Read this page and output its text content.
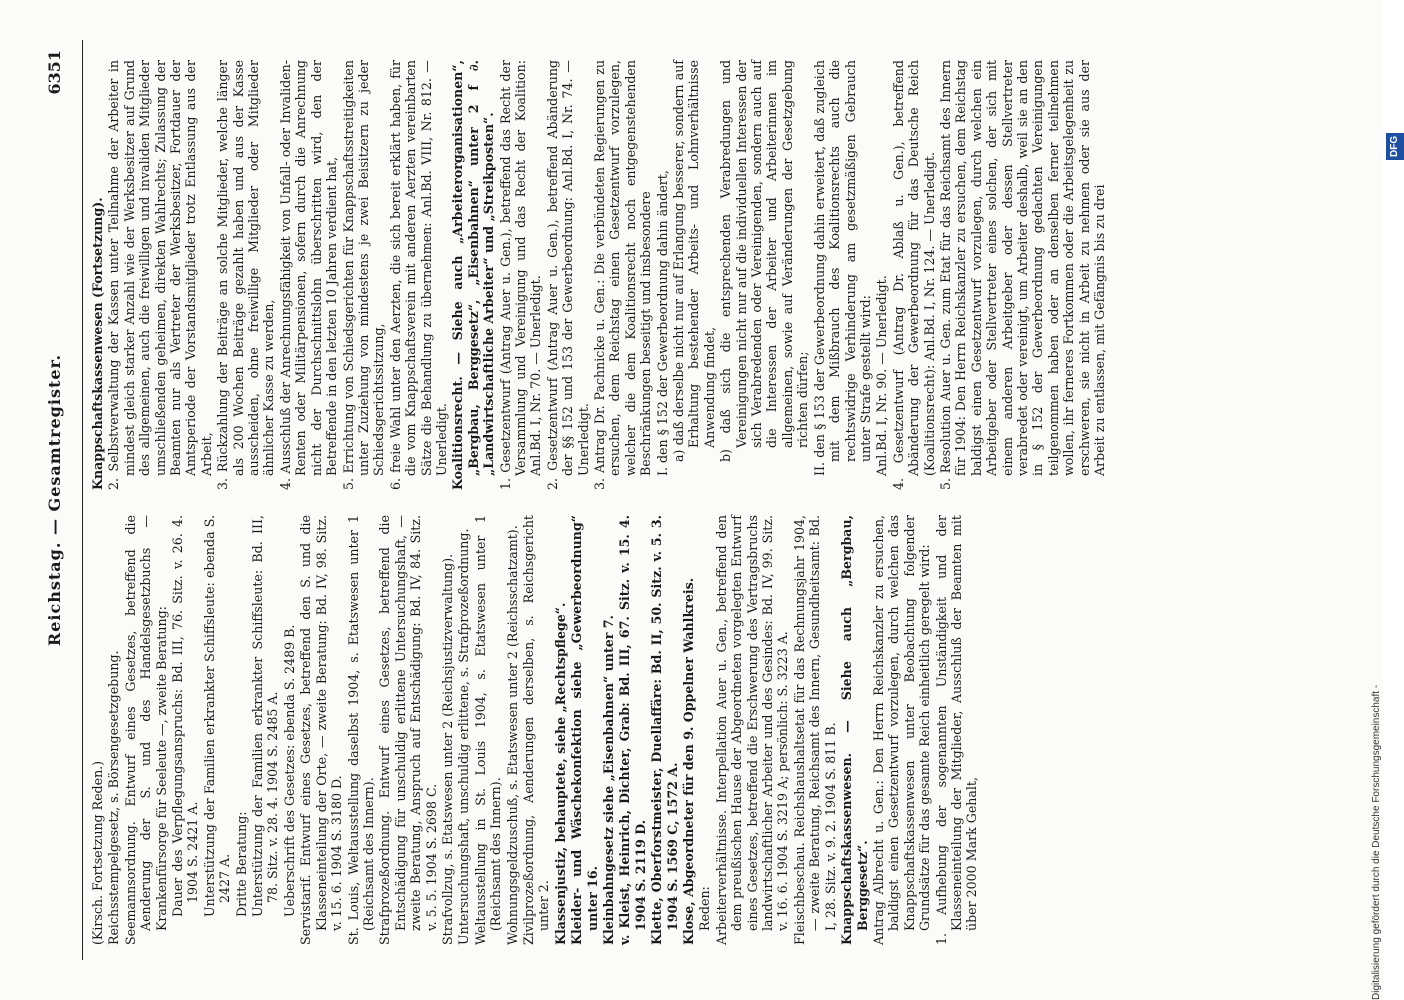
Reichstag. — Gesamtregister.
6351

(Kirsch. Fortsetzung Reden.) Reichsstempelgesetz, s. Börsengesetzgebung. Seemannsordnung. Entwurf eines Gesetzes, betreffend die Aenderung der S. und des Handelsgesetzbuchs — Krankenfürsorge für Seeleute —, zweite Beratung: Dauer des Verpflegungsanspruchs: Bd. III, 76. Sitz. v. 26. 4. 1904 S. 2421 A. Unterstützung der Familien erkrankter Schiffsleute: ebenda S. 2427 A. Dritte Beratung: Unterstützung der Familien erkrankter Schiffsleute: Bd. III, 78. Sitz. v. 28. 4. 1904 S. 2485 A. Ueberschrift des Gesetzes: ebenda S. 2489 B. Servistarif. Entwurf eines Gesetzes, betreffend den S. und die Klasseneinteilung der Orte, — zweite Beratung: Bd. IV, 98. Sitz. v. 15. 6. 1904 S. 3180 D. St. Louis, Weltausstellung daselbst 1904, s. Etatswesen unter 1 (Reichsamt des Innern). Strafprozeßordnung. Entwurf eines Gesetzes, betreffend die Entschädigung für unschuldig erlittene Untersuchungshaft, — zweite Beratung, Anspruch auf Entschädigung: Bd. IV, 84. Sitz. v. 5. 5. 1904 S. 2698 C. Strafvollzug, s. Etatswesen unter 2 (Reichsjustizverwaltung). Untersuchungshaft, unschuldig erlittene, s. Strafprozeßordnung. Weltausstellung in St. Louis 1904, s. Etatswesen unter 1 (Reichsamt des Innern). Wohnungsgeldzuschuß, s. Etatswesen unter 2 (Reichsschatzamt). Zivilprozeßordnung, Aenderungen derselben, s. Reichsgericht unter 2. Klassenjustiz, behauptete, siehe „Rechtspflege“. Kleider- und Wäschekonfektion siehe „Gewerbeordnung“ unter 16. Kleinbahngesetz siehe „Eisenbahnen“ unter 7. v. Kleist, Heinrich, Dichter, Grab: Bd. III, 67. Sitz. v. 15. 4. 1904 S. 2119 D. Klette, Oberforstmeister, Duellaffäre: Bd. II, 50. Sitz. v. 5. 3. 1904 S. 1569 C, 1572 A. Klose, Abgeordneter für den 9. Oppelner Wahlkreis. Reden: Arbeiterverhältnisse. Interpellation Auer u. Gen., betreffend den dem preußischen Hause der Abgeordneten vorgelegten Entwurf eines Gesetzes, betreffend die Erschwerung des Vertragsbruchs landwirtschaftlicher Arbeiter und des Gesindes: Bd. IV, 99. Sitz. v. 16. 6. 1904 S. 3219 A; persönlich: S. 3223 A. Fleischbeschau. Reichshaushaltsetat für das Rechnungsjahr 1904, — zweite Beratung, Reichsamt des Innern, Gesundheitsamt: Bd. I, 28. Sitz. v. 9. 2. 1904 S. 811 B. Knappschaftskassenwesen. — Siehe auch „Bergbau, Berggesetz“. Antrag Albrecht u. Gen.: Den Herrn Reichskanzler zu ersuchen, baldigst einen Gesetzentwurf vorzulegen, durch welchen das Knappschaftskassenwesen unter Beobachtung folgender Grundsätze für das gesamte Reich einheitlich geregelt wird: 1. Aufhebung der sogenannten Unständigkeit und der Klasseneinteilung der Mitglieder, Ausschluß der Beamten mit über 2000 Mark Gehalt,

Knappschaftskassenwesen (Fortsetzung). 2. Selbstverwaltung der Kassen unter Teilnahme der Arbeiter in mindest gleich starker Anzahl wie der Werksbesitzer auf Grund des allgemeinen, auch die freiwilligen und invaliden Mitglieder umschließenden geheimen, direkten Wahlrechts; Zulassung der Beamten nur als Vertreter der Werksbesitzer, Fortdauer der Amtsperiode der Vorstandsmitglieder trotz Entlassung aus der Arbeit, 3. Rückzahlung der Beiträge an solche Mitglieder, welche länger als 200 Wochen Beiträge gezahlt haben und aus der Kasse ausscheiden, ohne freiwillige Mitglieder oder Mitglieder ähnlicher Kasse zu werden, 4. Ausschluß der Anrechnungsfähigkeit von Unfall- oder Invaliden-Renten oder Militärpensionen, sofern durch die Anrechnung nicht der Durchschnittslohn überschritten wird, den der Betreffende in den letzten 10 Jahren verdient hat, 5. Errichtung von Schiedsgerichten für Knappschaftsstreitigkeiten unter Zuziehung von mindestens je zwei Beisitzern zu jeder Schiedsgerichtssitzung, 6. freie Wahl unter den Aerzten, die sich bereit erklärt haben, für die vom Knappschaftsverein mit anderen Aerzten vereinbarten Sätze die Behandlung zu übernehmen: Anl.Bd. VIII, Nr. 812. — Unerledigt. Koalitionsrecht. — Siehe auch „Arbeiterorganisationen“, „Bergbau, Berggesetz“, „Eisenbahnen“ unter 2 f ∂. „Landwirtschaftliche Arbeiter“ und „Streikposten“. 1. Gesetzentwurf (Antrag Auer u. Gen.), betreffend das Recht der Versammlung und Vereinigung und das Recht der Koalition: Anl.Bd. I, Nr. 70. — Unerledigt. 2. Gesetzentwurf (Antrag Auer u. Gen.), betreffend Abänderung der §§ 152 und 153 der Gewerbeordnung: Anl.Bd. I, Nr. 74. — Unerledigt. 3. Antrag Dr. Pachnicke u. Gen.: Die verbündeten Regierungen zu ersuchen, dem Reichstag einen Gesetzentwurf vorzulegen, welcher die dem Koalitionsrecht noch entgegenstehenden Beschränkungen beseitigt und insbesondere I. den § 152 der Gewerbeordnung dahin ändert, a) daß derselbe nicht nur auf Erlangung besserer, sondern auf Erhaltung bestehender Arbeits- und Lohnverhältnisse Anwendung findet, b) daß sich die entsprechenden Verabredungen und Vereinigungen nicht nur auf die individuellen Interessen der sich Verabredenden oder Vereinigenden, sondern auch auf die Interessen der Arbeiter und Arbeiterinnen im allgemeinen, sowie auf Veränderungen der Gesetzgebung richten dürfen; II. den § 153 der Gewerbeordnung dahin erweitert, daß zugleich mit dem Mißbrauch des Koalitionsrechts auch die rechtswidrige Verhinderung am gesetzmäßigen Gebrauch unter Strafe gestellt wird: Anl.Bd. I, Nr. 90. — Unerledigt. 4. Gesetzentwurf (Antrag Dr. Ablaß u. Gen.), betreffend Abänderung der Gewerbeordnung für das Deutsche Reich (Koalitionsrecht): Anl.Bd. I, Nr. 124. — Unerledigt. 5. Resolution Auer u. Gen. zum Etat für das Reichsamt des Innern für 1904: Den Herrn Reichskanzler zu ersuchen, dem Reichstag baldigst einen Gesetzentwurf vorzulegen, durch welchen ein Arbeitgeber oder Stellvertreter eines solchen, der sich mit einem anderen Arbeitgeber oder dessen Stellvertreter verabredet oder vereinigt, um Arbeiter deshalb, weil sie an den in § 152 der Gewerbeordnung gedachten Vereinigungen teilgenommen haben oder an denselben ferner teilnehmen wollen, ihr ferneres Fortkommen oder die Arbeitsgelegenheit zu erschweren, sie nicht in Arbeit zu nehmen oder sie aus der Arbeit zu entlassen, mit Gefängnis bis zu drei

Digitalisierung gefördert durch die Deutsche Forschungsgemeinschaft - DFG
